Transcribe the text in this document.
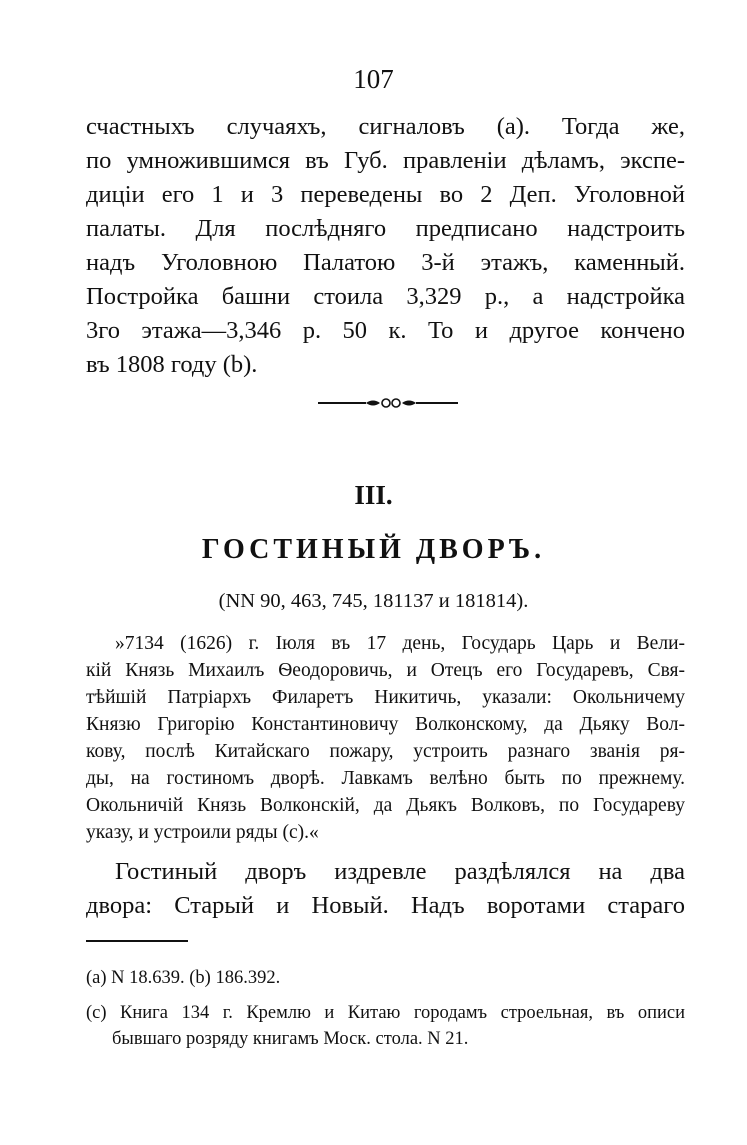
107
счастныхъ случаяхъ, сигналовъ (а). Тогда же,
по умножившимся въ Губ. правленіи дѣламъ, экспе-
диціи его 1 и 3 переведены во 2 Деп. Уголовной
палаты. Для послѣдняго предписано надстроить
надъ Уголовною Палатою 3-й этажъ, каменный.
Постройка башни стоила 3,329 р., а надстройка
3го этажа—3,346 р. 50 к. То и другое кончено
въ 1808 году (b).
III.
ГОСТИНЫЙ ДВОРЪ.
(NN 90, 463, 745, 181137 и 181814).
»7134 (1626) г. Іюля въ 17 день, Государь Царь и Вели-
кій Князь Михаилъ Ѳеодоровичь, и Отецъ его Государевъ, Свя-
тѣйшій Патріархъ Филаретъ Никитичь, указали: Окольничему
Князю Григорію Константиновичу Волконскому, да Дьяку Вол-
кову, послѣ Китайскаго пожару, устроить разнаго званія ря-
ды, на гостиномъ дворѣ. Лавкамъ велѣно быть по прежнему.
Окольничій Князь Волконскій, да Дьякъ Волковъ, по Государеву
указу, и устроили ряды (с).«
Гостиный дворъ издревле раздѣлялся на два
двора: Старый и Новый. Надъ воротами стараго
(а) N 18.639. (b) 186.392.
(с) Книга 134 г. Кремлю и Китаю городамъ строельная, въ описи
бывшаго розряду книгамъ Моск. стола. N 21.
